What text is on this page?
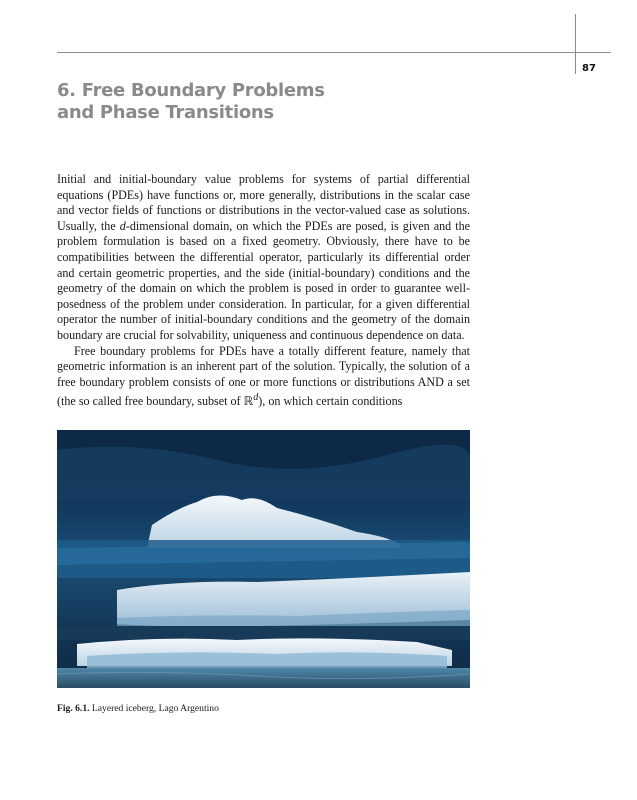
87
6. Free Boundary Problems
and Phase Transitions

Initial and initial-boundary value problems for systems of partial differential equations (PDEs) have functions or, more generally, distributions in the scalar case and vector fields of functions or distributions in the vector-valued case as solutions. Usually, the d-dimensional domain, on which the PDEs are posed, is given and the problem formulation is based on a fixed geometry. Obviously, there have to be compatibilities between the differential operator, particularly its differential order and certain geometric properties, and the side (initial-boundary) conditions and the geometry of the domain on which the problem is posed in order to guarantee well-posedness of the problem under consideration. In particular, for a given differential operator the number of initial-boundary conditions and the geometry of the domain boundary are crucial for solvability, uniqueness and continuous dependence on data.

Free boundary problems for PDEs have a totally different feature, namely that geometric information is an inherent part of the solution. Typically, the solution of a free boundary problem consists of one or more functions or distributions AND a set (the so called free boundary, subset of ℝ$^d$), on which certain conditions

Fig. 6.1. Layered iceberg, Lago Argentino
